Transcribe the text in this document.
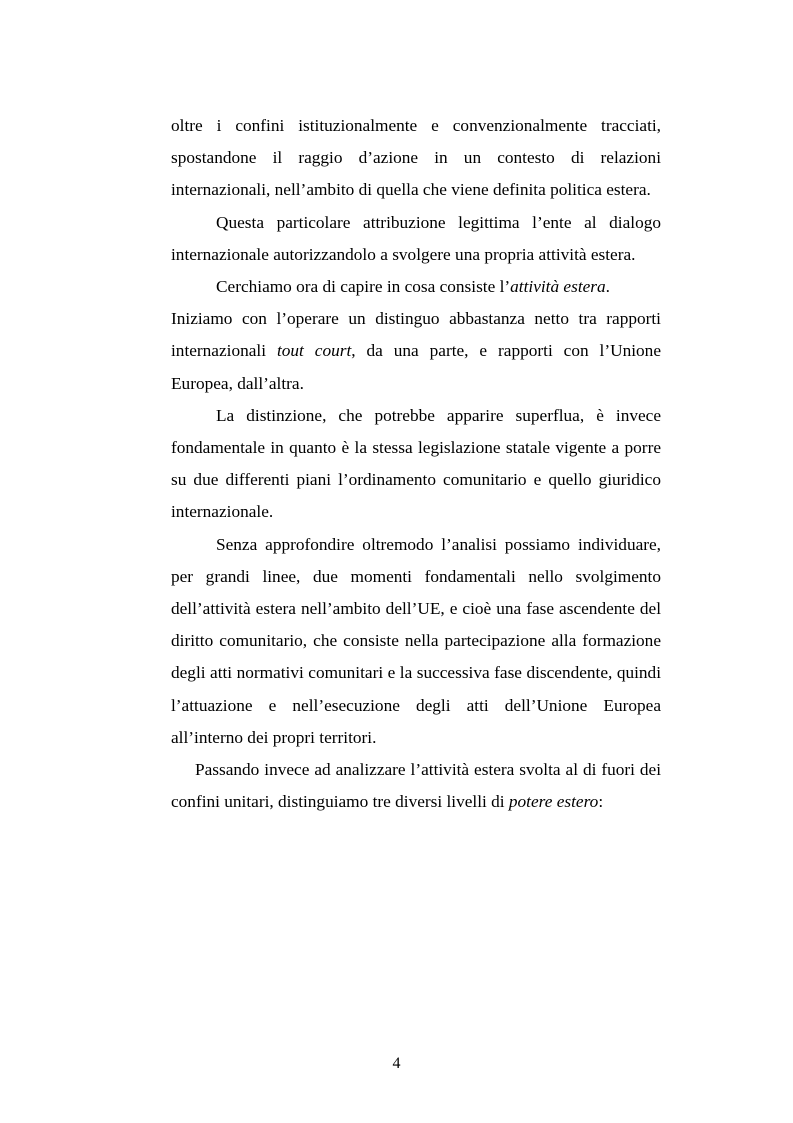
oltre i confini istituzionalmente e convenzionalmente tracciati, spostandone il raggio d’azione in un contesto di relazioni internazionali, nell’ambito di quella che viene definita politica estera.

Questa particolare attribuzione legittima l’ente al dialogo internazionale autorizzandolo a svolgere una propria attività estera.

Cerchiamo ora di capire in cosa consiste l’attività estera.

Iniziamo con l’operare un distinguo abbastanza netto tra rapporti internazionali tout court, da una parte, e rapporti con l’Unione Europea, dall’altra.

La distinzione, che potrebbe apparire superflua, è invece fondamentale in quanto è la stessa legislazione statale vigente a porre su due differenti piani l’ordinamento comunitario e quello giuridico internazionale.

Senza approfondire oltremodo l’analisi possiamo individuare, per grandi linee, due momenti fondamentali nello svolgimento dell’attività estera nell’ambito dell’UE, e cioè una fase ascendente del diritto comunitario, che consiste nella partecipazione alla formazione degli atti normativi comunitari e la successiva fase discendente, quindi l’attuazione e nell’esecuzione degli atti dell’Unione Europea all’interno dei propri territori.

Passando invece ad analizzare l’attività estera svolta al di fuori dei confini unitari, distinguiamo tre diversi livelli di potere estero:

4
